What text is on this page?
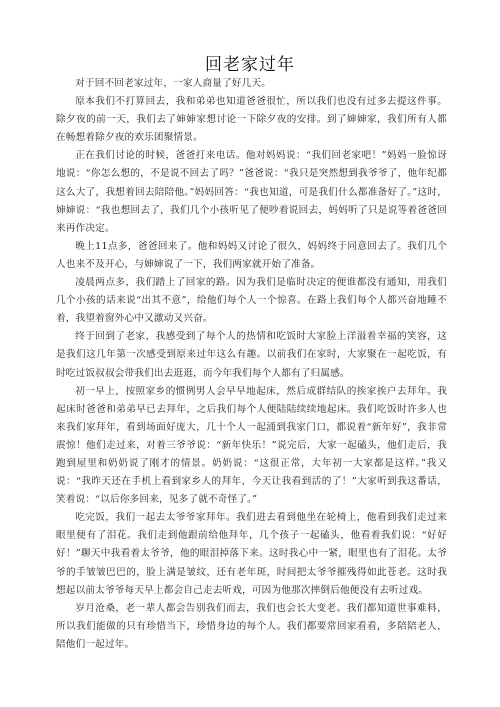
回老家过年

对于回不回老家过年，一家人商量了好几天。

原本我们不打算回去，我和弟弟也知道爸爸很忙，所以我们也没有过多去提这件事。除夕夜的前一天，我们去了婶婶家想讨论一下除夕夜的安排。到了婶婶家，我们所有人都在畅想着除夕夜的欢乐团聚情景。

正在我们讨论的时候，爸爸打来电话。他对妈妈说：“我们回老家吧！”妈妈一脸惊讶地说：“你怎么想的，不是说不回去了吗？”爸爸说：“我只是突然想到我爷爷了，他年纪都这么大了，我想着回去陪陪他。”妈妈回答：“我也知道，可是我们什么都准备好了。”这时，婶婶说：“我也想回去了，我们几个小孩听见了便吵着说回去，妈妈听了只是说等着爸爸回来再作决定。

晚上11点多，爸爸回来了。他和妈妈又讨论了很久，妈妈终于同意回去了。我们几个人也来不及开心，与婶婶说了一下，我们两家就开始了准备。

凌晨两点多，我们踏上了回家的路。因为我们是临时决定的便谁都没有通知，用我们几个小孩的话来说“出其不意”，给他们每个人一个惊喜。在路上我们每个人都兴奋地睡不着，我望着窗外心中又激动又兴奋。

终于回到了老家，我感受到了每个人的热情和吃饭时大家脸上洋溢着幸福的笑容，这是我们这几年第一次感受到原来过年这么有趣。以前我们在家时，大家聚在一起吃饭，有时吃过饭叔叔会带我们出去逛逛，而今年我们每个人都有了归属感。

初一早上，按照家乡的惯例男人会早早地起床，然后成群结队的挨家挨户去拜年。我起床时爸爸和弟弟早已去拜年，之后我们每个人便陆陆续续地起床。我们吃饭时许多人也来我们家拜年，看到场面好庞大，几十个人一起涌到我家门口，都说着“新年好”，我非常震惊！他们走过来，对着三爷爷说：“新年快乐！”说完后，大家一起磕头，他们走后，我跑到屋里和奶奶说了刚才的情景。奶奶说：“这很正常，大年初一大家都是这样。”我又说：“我昨天还在手机上看到家乡人的拜年，今天让我看到活的了！”大家听到我这番话，笑着说：“以后你多回来，见多了就不奇怪了。”

吃完饭，我们一起去太爷爷家拜年。我们进去看到他坐在轮椅上，他看到我们走过来眼里便有了泪花。我们走到他跟前给他拜年，几个孩子一起磕头，他看着我们说：“好好好！”聊天中我看着太爷爷，他的眼泪掉落下来。这时我心中一紧，眼里也有了泪花。太爷爷的手皱皱巴巴的，脸上满是皱纹，还有老年斑，时间把太爷爷摧残得如此苍老。这时我想起以前太爷爷每天早上都会自己走去听戏，可因为他那次摔倒后他便没有去听过戏。

岁月沧桑，老一辈人都会告别我们而去，我们也会长大变老。我们都知道世事难料，所以我们能做的只有珍惜当下，珍惜身边的每个人。我们都要常回家看看，多陪陪老人，陪他们一起过年。
